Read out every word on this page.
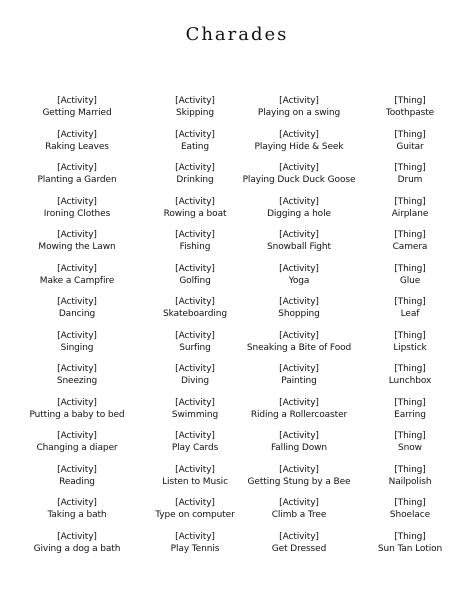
Charades
[Activity]
Getting Married
[Activity]
Raking Leaves
[Activity]
Planting a Garden
[Activity]
Ironing Clothes
[Activity]
Mowing the Lawn
[Activity]
Make a Campfire
[Activity]
Dancing
[Activity]
Singing
[Activity]
Sneezing
[Activity]
Putting a baby to bed
[Activity]
Changing a diaper
[Activity]
Reading
[Activity]
Taking a bath
[Activity]
Giving a dog a bath
[Activity]
Skipping
[Activity]
Eating
[Activity]
Drinking
[Activity]
Rowing a boat
[Activity]
Fishing
[Activity]
Golfing
[Activity]
Skateboarding
[Activity]
Surfing
[Activity]
Diving
[Activity]
Swimming
[Activity]
Play Cards
[Activity]
Listen to Music
[Activity]
Type on computer
[Activity]
Play Tennis
[Activity]
Playing on a swing
[Activity]
Playing Hide & Seek
[Activity]
Playing Duck Duck Goose
[Activity]
Digging a hole
[Activity]
Snowball Fight
[Activity]
Yoga
[Activity]
Shopping
[Activity]
Sneaking a Bite of Food
[Activity]
Painting
[Activity]
Riding a Rollercoaster
[Activity]
Falling Down
[Activity]
Getting Stung by a Bee
[Activity]
Climb a Tree
[Activity]
Get Dressed
[Thing]
Toothpaste
[Thing]
Guitar
[Thing]
Drum
[Thing]
Airplane
[Thing]
Camera
[Thing]
Glue
[Thing]
Leaf
[Thing]
Lipstick
[Thing]
Lunchbox
[Thing]
Earring
[Thing]
Snow
[Thing]
Nailpolish
[Thing]
Shoelace
[Thing]
Sun Tan Lotion
